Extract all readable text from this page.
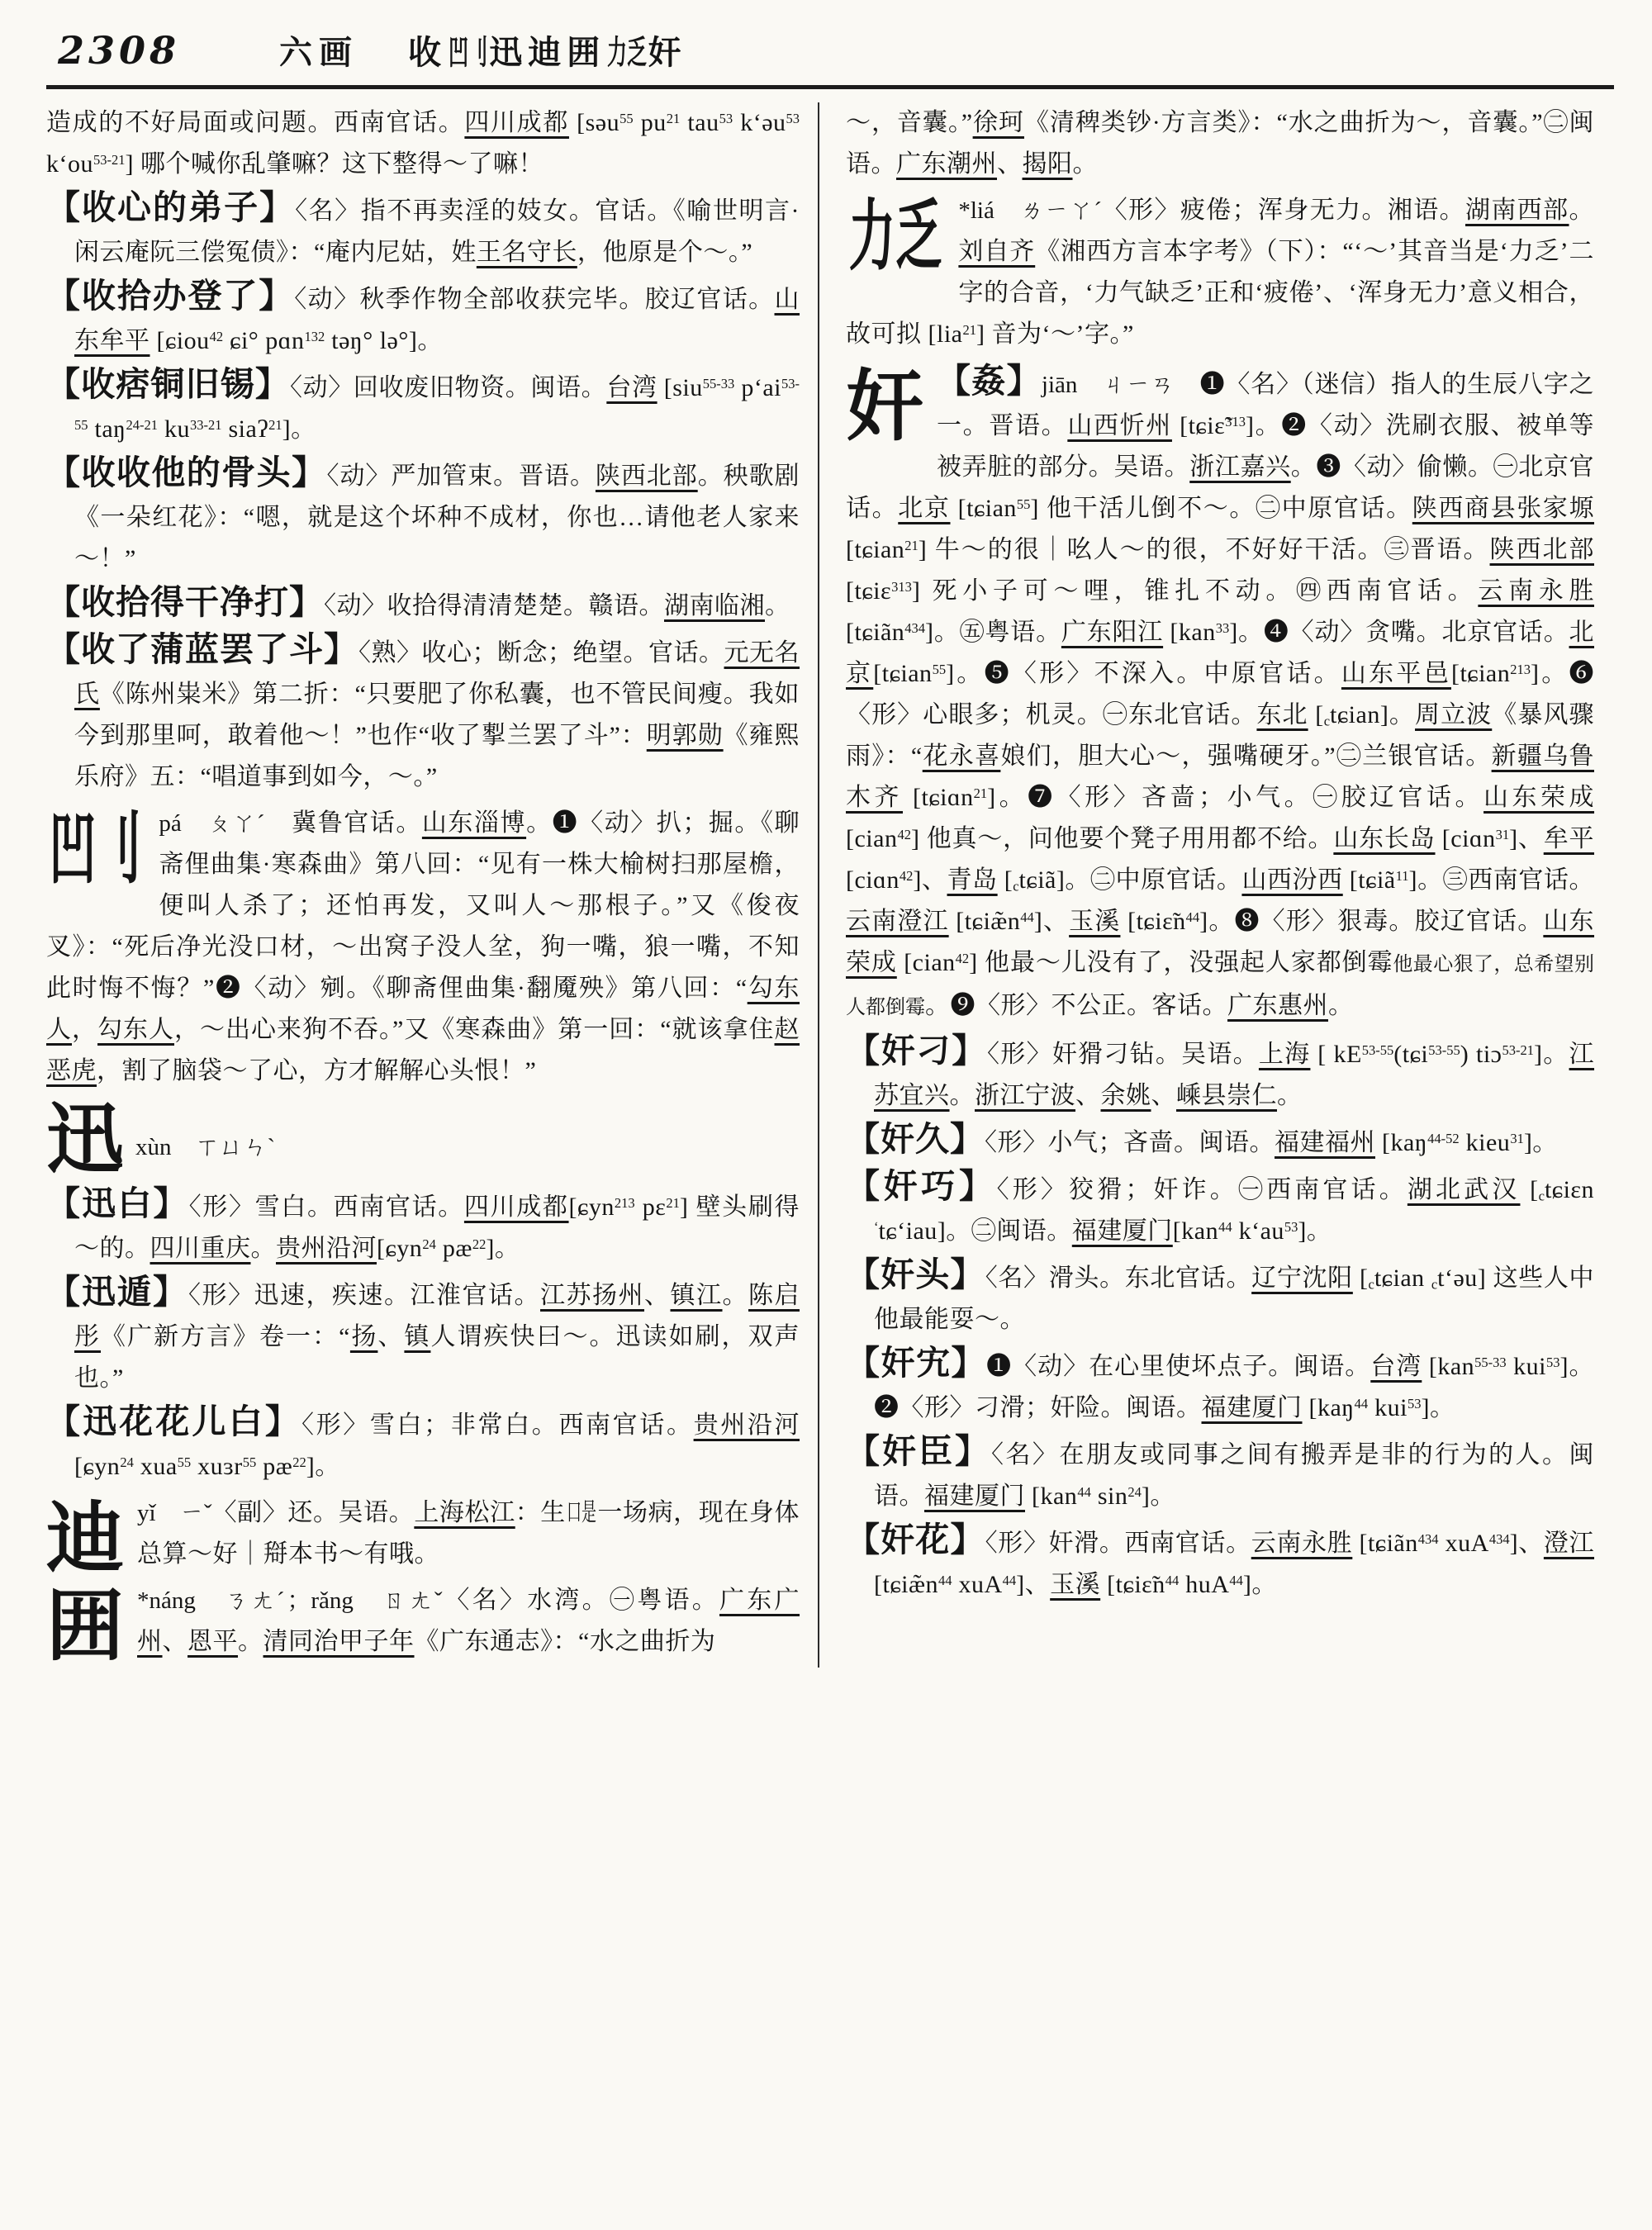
2308	六画 收凹刂迅迪囲力乏奸

造成的不好局面或问题。西南官话。四川成都 [səu$^{55}$ $pu^{21}$ tau$^{53}$ k‘əu$^{53}$ $k‘ou^{53-21}$] 哪个喊你乱肇嘛？这下整得～了嘛！

【收心的弟子】〈名〉指不再卖淫的妓女。官话。《喻世明言·闲云庵阮三偿冤债》：“庵内尼姑，姓王名守长，他原是个～。”

【收拾办登了】〈动〉秋季作物全部收获完毕。胶辽官话。山东牟平 [ɕiou$^{42}$ ɕi° pɑn$^{132}$ təŋ° lə°]。

【收痞铜旧锡】〈动〉回收废旧物资。闽语。台湾 [siu$^{55-33}$ $p‘ai^{53-55}$ taŋ$^{24-21}$ $ku^{33-21}$ siaʔ$^{21}$]。

【收收他的骨头】〈动〉严加管束。晋语。陕西北部。秧歌剧《一朵红花》：“嗯，就是这个坏种不成材，你也…请他老人家来～！”

【收拾得干净打】〈动〉收拾得清清楚楚。赣语。湖南临湘。

【收了蒲蓝罢了斗】〈熟〉收心；断念；绝望。官话。元无名氏《陈州粜米》第二折：“只要肥了你私囊，也不管民间瘦。我如今到那里呵，敢着他～！”也作“收了揧兰罢了斗”：明郭勋《雍熙乐府》五：“唱道事到如今，～。”

凹刂 pá　ㄆㄚˊ　冀鲁官话。山东淄博。❶〈动〉扒；掘。《聊斋俚曲集·寒森曲》第八回：“见有一株大榆树扫那屋檐，便叫人杀了；还怕再发，又叫人～那根子。”又《俊夜叉》：“死后净光没口材，～出窝子没人坌，狗一嘴，狼一嘴，不知此时悔不悔？”❷〈动〉剜。《聊斋俚曲集·翻魇殃》第八回：“勾东人，勾东人，～出心来狗不吞。”又《寒森曲》第一回：“就该拿住赵恶虎，割了脑袋～了心，方才解解心头恨！”

迅xùn　ㄒㄩㄣˋ

【迅白】〈形〉雪白。西南官话。四川成都[ɕyn$^{213}$ pɛ$^{21}$] 壁头刷得～的。四川重庆。贵州沿河[ɕyn$^{24}$ $pæ^{22}$]。

【迅遁】〈形〉迅速，疾速。江淮官话。江苏扬州、镇江。陈启彤《广新方言》卷一：“扬、镇人谓疾快曰～。迅读如刷，双声也。”

【迅花花儿白】〈形〉雪白；非常白。西南官话。贵州沿河 [ɕyn$^{24}$ xua$^{55}$ xuɜr$^{55}$ $pæ^{22}$]。

迪yǐ　ㄧˇ〈副〉还。吴语。上海松江：生口是一场病，现在身体总算～好｜搿本书～有哦。

囲 *náng　ㄋㄤˊ；rǎng　ㄖㄤˇ〈名〉水湾。㊀粤语。广东广州、恩平。清同治甲子年《广东通志》：“水之曲折为

～，音囊。”徐珂《清稗类钞·方言类》：“水之曲折为～，音囊。”㊁闽语。广东潮州、揭阳。

力乏 *liá　ㄌㄧㄚˊ〈形〉疲倦；浑身无力。湘语。湖南西部。刘自齐《湘西方言本字考》（下）：“‘～’其音当是‘力乏’二字的合音，‘力气缺乏’正和‘疲倦’、‘浑身无力’意义相合，故可拟 [lia$^{21}$] 音为‘～’字。”

奸 【姦】jiān　ㄐㄧㄢ　❶〈名〉（迷信）指人的生辰八字之一。晋语。山西忻州 [tɕiɛ̃$^{313}$]。❷〈动〉洗刷衣服、被单等被弄脏的部分。吴语。浙江嘉兴。❸〈动〉偷懒。㊀北京官话。北京 [tɕian$^{55}$] 他干活儿倒不～。㊁中原官话。陕西商县张家塬 [tɕian$^{21}$] 牛～的很｜吆人～的很，不好好干活。㊂晋语。陕西北部 [tɕiɛ$^{313}$] 死小子可～哩，锥扎不动。㊃西南官话。云南永胜 [tɕiãn$^{434}$]。㊄粤语。广东阳江 [kan$^{33}$]。❹〈动〉贪嘴。北京官话。北京[tɕian$^{55}$]。❺〈形〉不深入。中原官话。山东平邑[tɕian$^{213}$]。❻〈形〉心眼多；机灵。㊀东北官话。东北 $[_ctɕian]$。周立波《暴风骤雨》：“花永喜娘们，胆大心～，强嘴硬牙。”㊁兰银官话。新疆乌鲁木齐 [tɕiɑn$^{21}$]。❼〈形〉吝啬；小气。㊀胶辽官话。山东荣成 [cian$^{42}$] 他真～，问他要个凳子用用都不给。山东长岛 [ciɑn$^{31}$]、牟平 [ciɑn$^{42}$]、青岛 $[_ctɕiã]$。㊁中原官话。山西汾西 [tɕiã$^{11}$]。㊂西南官话。云南澄江 $[tɕiæ̃n^{44}]$、玉溪 $[tɕiɛ̃n^{44}]$。❽〈形〉狠毒。胶辽官话。山东荣成 [cian$^{42}$] 他最～儿没有了，没强起人家都倒霉他最心狠了，总希望别人都倒霉。❾〈形〉不公正。客话。广东惠州。

【奸刁】〈形〉奸猾刁钻。吴语。上海 [ $kE^{53-55}(tɕi^{53-55})$ tiɔ$^{53-21}$]。江苏宜兴。浙江宁波、余姚、嵊县崇仁。

【奸久】〈形〉小气；吝啬。闽语。福建福州 [kaŋ$^{44-52}$ kieu$^{31}$]。

【奸巧】〈形〉狡猾；奸诈。㊀西南官话。湖北武汉 [$_ctɕiɛn$ ‘tɕ‘iau]。㊁闽语。福建厦门[kan$^{44}$ $k‘au^{53}$]。

【奸头】〈名〉滑头。东北官话。辽宁沈阳 [$_ctɕian$ $_c$t‘əu] 这些人中他最能耍～。

【奸宄】❶〈动〉在心里使坏点子。闽语。台湾 [kan$^{55-33}$ kui$^{53}$]。❷〈形〉刁滑；奸险。闽语。福建厦门 [kaŋ$^{44}$ kui$^{53}$]。

【奸臣】〈名〉在朋友或同事之间有搬弄是非的行为的人。闽语。福建厦门 [kan$^{44}$ $\sin^{24}$]。

【奸花】〈形〉奸滑。西南官话。云南永胜 [tɕiãn$^{434}$ xuA$^{434}$]、澄江 [$tɕiæ̃n^{44}$ xuA$^{44}$]、玉溪 [$tɕiɛ̃n^{44}$ huA$^{44}$]。
